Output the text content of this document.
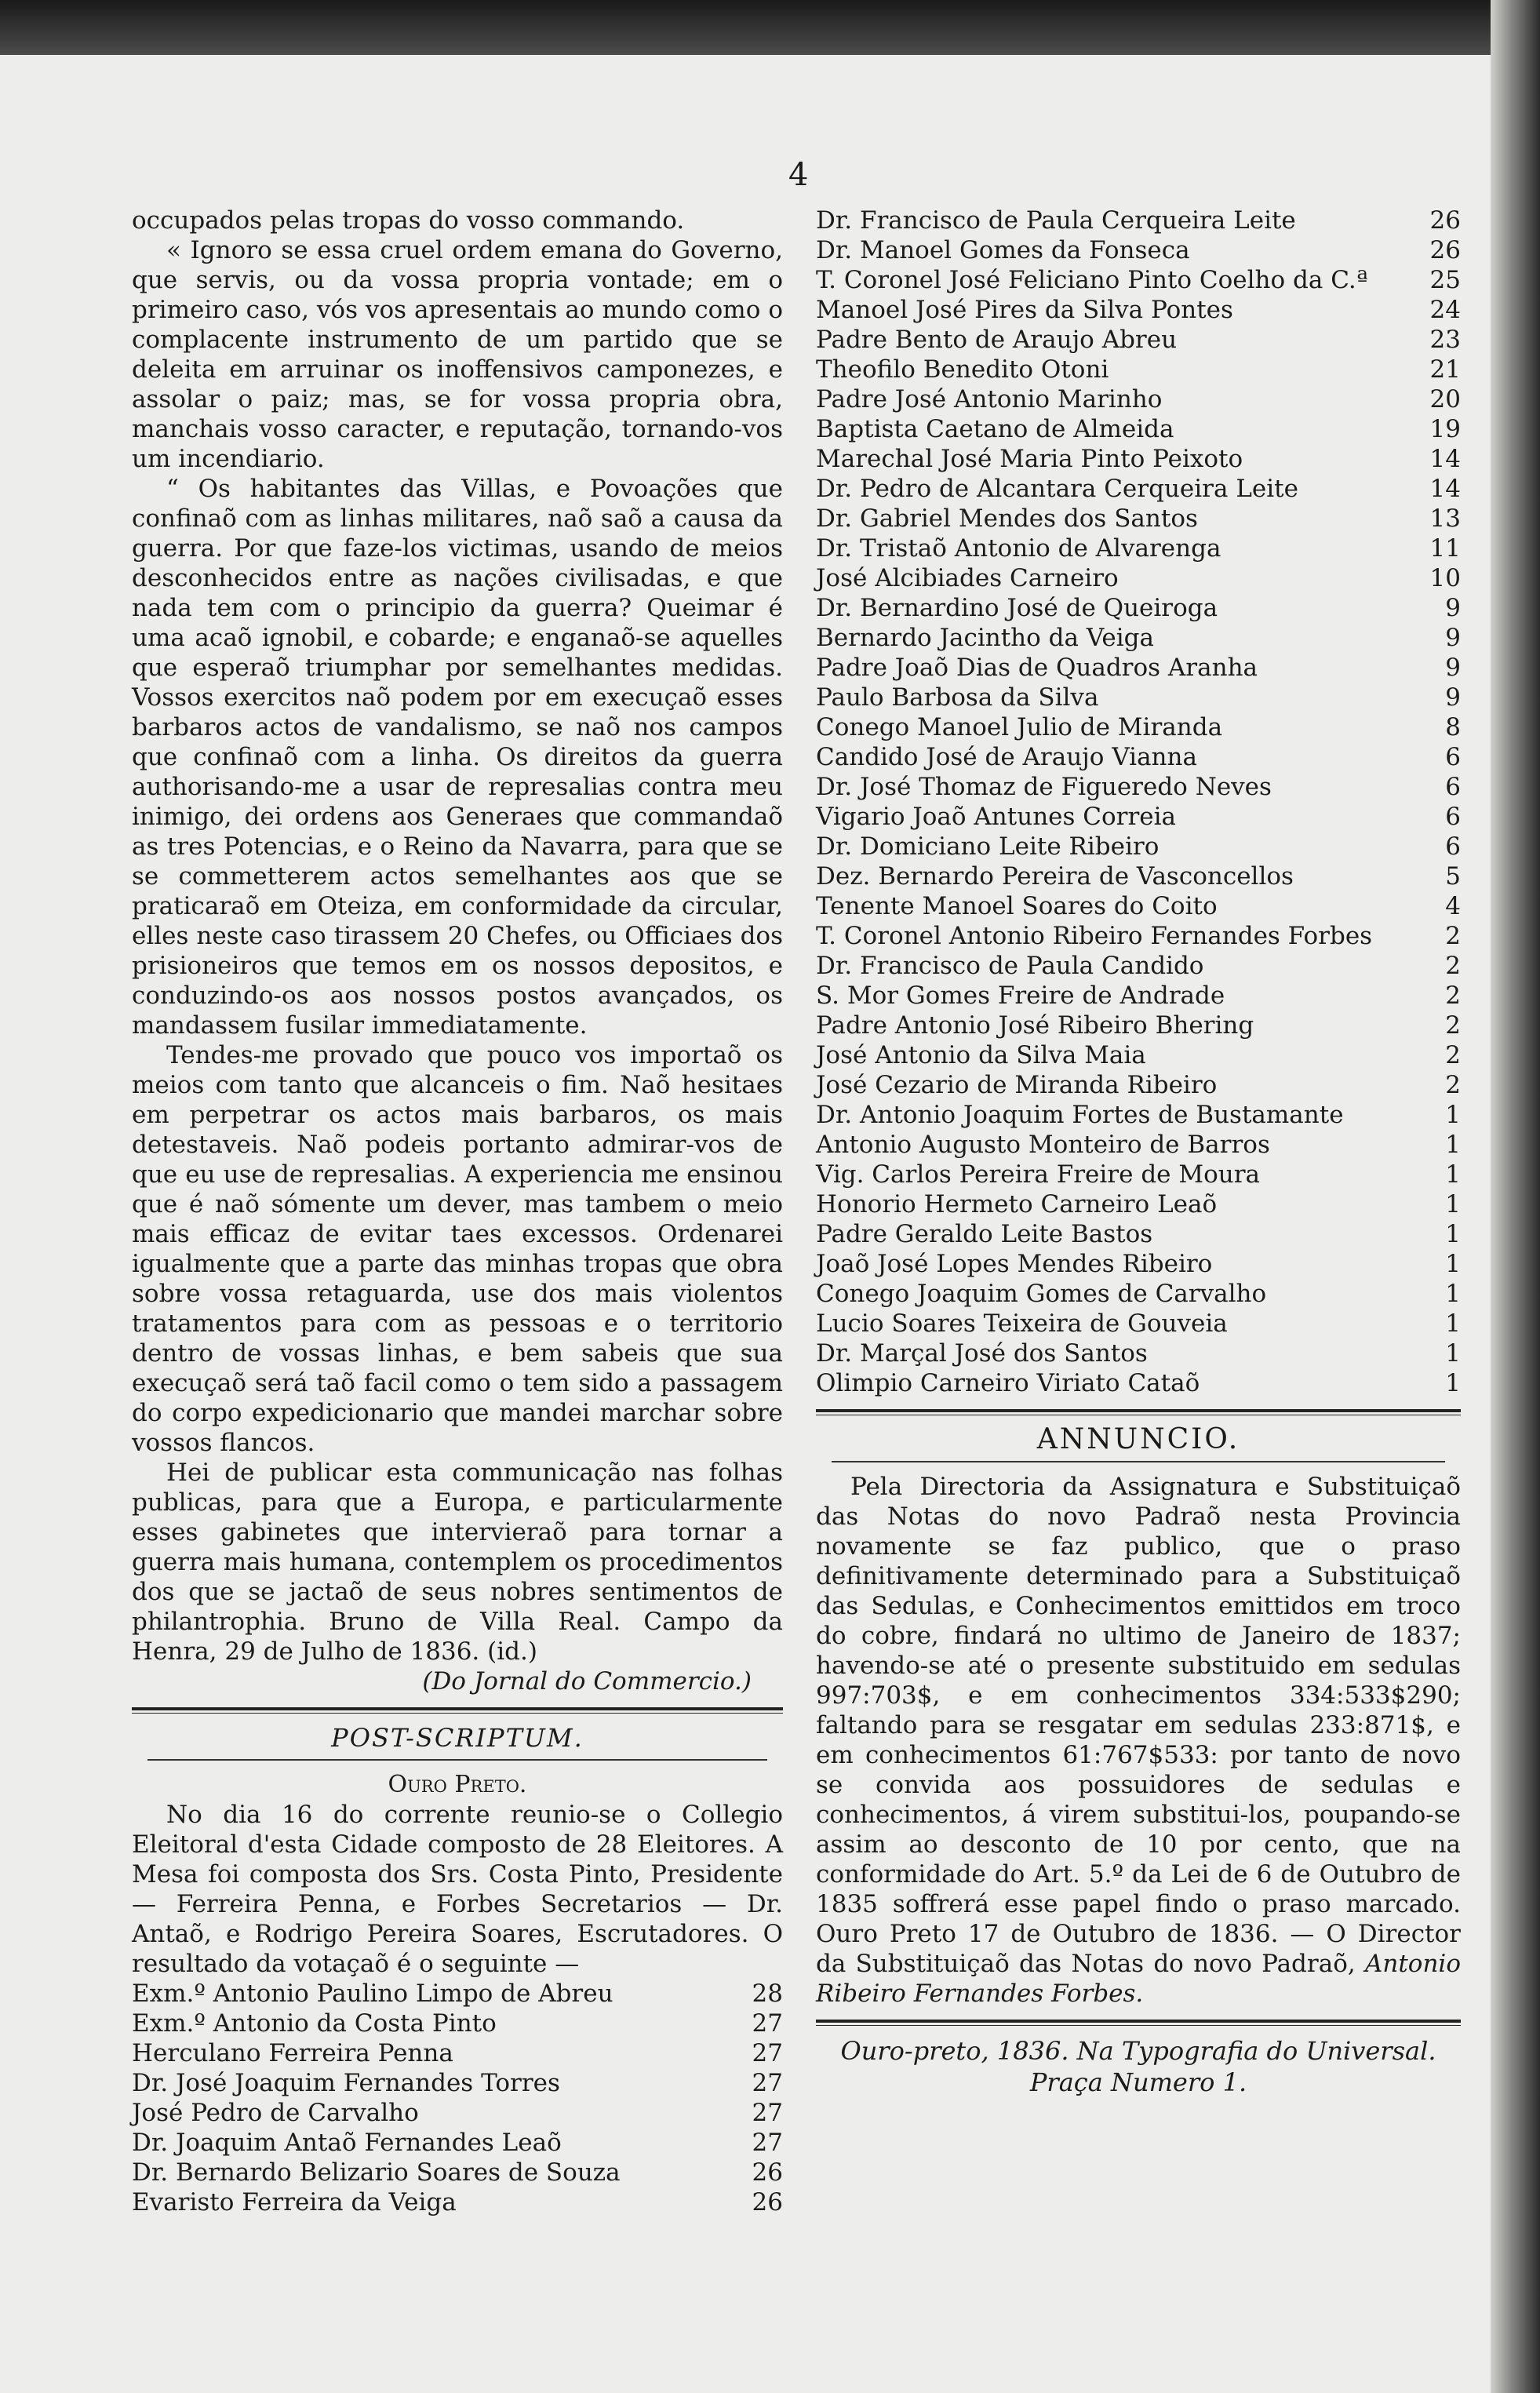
4

occupados pelas tropas do vosso commando.

« Ignoro se essa cruel ordem emana do Governo, que servis, ou da vossa propria vontade; em o primeiro caso, vós vos apresentais ao mundo como o complacente instrumento de um partido que se deleita em arruinar os inoffensivos camponezes, e assolar o paiz; mas, se for vossa propria obra, manchais vosso caracter, e reputação, tornando-vos um incendiario.

“ Os habitantes das Villas, e Povoações que confinaõ com as linhas militares, naõ saõ a causa da guerra. Por que faze-los victimas, usando de meios desconhecidos entre as nações civilisadas, e que nada tem com o principio da guerra? Queimar é uma acaõ ignobil, e cobarde; e enganaõ-se aquelles que esperaõ triumphar por semelhantes medidas. Vossos exercitos naõ podem por em execuçaõ esses barbaros actos de vandalismo, se naõ nos campos que confinaõ com a linha. Os direitos da guerra authorisando-me a usar de represalias contra meu inimigo, dei ordens aos Generaes que commandaõ as tres Potencias, e o Reino da Navarra, para que se se commetterem actos semelhantes aos que se praticaraõ em Oteiza, em conformidade da circular, elles neste caso tirassem 20 Chefes, ou Officiaes dos prisioneiros que temos em os nossos depositos, e conduzindo-os aos nossos postos avançados, os mandassem fusilar immediatamente.

Tendes-me provado que pouco vos importaõ os meios com tanto que alcanceis o fim. Naõ hesitaes em perpetrar os actos mais barbaros, os mais detestaveis. Naõ podeis portanto admirar-vos de que eu use de represalias. A experiencia me ensinou que é naõ sómente um dever, mas tambem o meio mais efficaz de evitar taes excessos. Ordenarei igualmente que a parte das minhas tropas que obra sobre vossa retaguarda, use dos mais violentos tratamentos para com as pessoas e o territorio dentro de vossas linhas, e bem sabeis que sua execuçaõ será taõ facil como o tem sido a passagem do corpo expedicionario que mandei marchar sobre vossos flancos.

Hei de publicar esta communicação nas folhas publicas, para que a Europa, e particularmente esses gabinetes que intervieraõ para tornar a guerra mais humana, contemplem os procedimentos dos que se jactaõ de seus nobres sentimentos de philantrophia. Bruno de Villa Real. Campo da Henra, 29 de Julho de 1836. (id.)

(Do Jornal do Commercio.)

POST-SCRIPTUM.
Ouro Preto.

No dia 16 do corrente reunio-se o Collegio Eleitoral d'esta Cidade composto de 28 Eleitores. A Mesa foi composta dos Srs. Costa Pinto, Presidente — Ferreira Penna, e Forbes Secretarios — Dr. Antaõ, e Rodrigo Pereira Soares, Escrutadores. O resultado da votaçaõ é o seguinte —

Exm.º Antonio Paulino Limpo de Abreu	28
Exm.º Antonio da Costa Pinto	27
Herculano Ferreira Penna	27
Dr. José Joaquim Fernandes Torres	27
José Pedro de Carvalho	27
Dr. Joaquim Antaõ Fernandes Leaõ	27
Dr. Bernardo Belizario Soares de Souza	26
Evaristo Ferreira da Veiga	26
Dr. Francisco de Paula Cerqueira Leite	26
Dr. Manoel Gomes da Fonseca	26
T. Coronel José Feliciano Pinto Coelho da C.ª	25
Manoel José Pires da Silva Pontes	24
Padre Bento de Araujo Abreu	23
Theofilo Benedito Otoni	21
Padre José Antonio Marinho	20
Baptista Caetano de Almeida	19
Marechal José Maria Pinto Peixoto	14
Dr. Pedro de Alcantara Cerqueira Leite	14
Dr. Gabriel Mendes dos Santos	13
Dr. Tristaõ Antonio de Alvarenga	11
José Alcibiades Carneiro	10
Dr. Bernardino José de Queiroga	9
Bernardo Jacintho da Veiga	9
Padre Joaõ Dias de Quadros Aranha	9
Paulo Barbosa da Silva	9
Conego Manoel Julio de Miranda	8
Candido José de Araujo Vianna	6
Dr. José Thomaz de Figueredo Neves	6
Vigario Joaõ Antunes Correia	6
Dr. Domiciano Leite Ribeiro	6
Dez. Bernardo Pereira de Vasconcellos	5
Tenente Manoel Soares do Coito	4
T. Coronel Antonio Ribeiro Fernandes Forbes	2
Dr. Francisco de Paula Candido	2
S. Mor Gomes Freire de Andrade	2
Padre Antonio José Ribeiro Bhering	2
José Antonio da Silva Maia	2
José Cezario de Miranda Ribeiro	2
Dr. Antonio Joaquim Fortes de Bustamante	1
Antonio Augusto Monteiro de Barros	1
Vig. Carlos Pereira Freire de Moura	1
Honorio Hermeto Carneiro Leaõ	1
Padre Geraldo Leite Bastos	1
Joaõ José Lopes Mendes Ribeiro	1
Conego Joaquim Gomes de Carvalho	1
Lucio Soares Teixeira de Gouveia	1
Dr. Marçal José dos Santos	1
Olimpio Carneiro Viriato Cataõ	1
ANNUNCIO.

Pela Directoria da Assignatura e Substituiçaõ das Notas do novo Padraõ nesta Provincia novamente se faz publico, que o praso definitivamente determinado para a Substituiçaõ das Sedulas, e Conhecimentos emittidos em troco do cobre, findará no ultimo de Janeiro de 1837; havendo-se até o presente substituido em sedulas 997:703$, e em conhecimentos 334:533$290; faltando para se resgatar em sedulas 233:871$, e em conhecimentos 61:767$533: por tanto de novo se convida aos possuidores de sedulas e conhecimentos, á virem substitui-los, poupando-se assim ao desconto de 10 por cento, que na conformidade do Art. 5.º da Lei de 6 de Outubro de 1835 soffrerá esse papel findo o praso marcado. Ouro Preto 17 de Outubro de 1836. — O Director da Substituiçaõ das Notas do novo Padraõ, Antonio Ribeiro Fernandes Forbes.

Ouro-preto, 1836. Na Typografia do Universal. Praça Numero 1.
